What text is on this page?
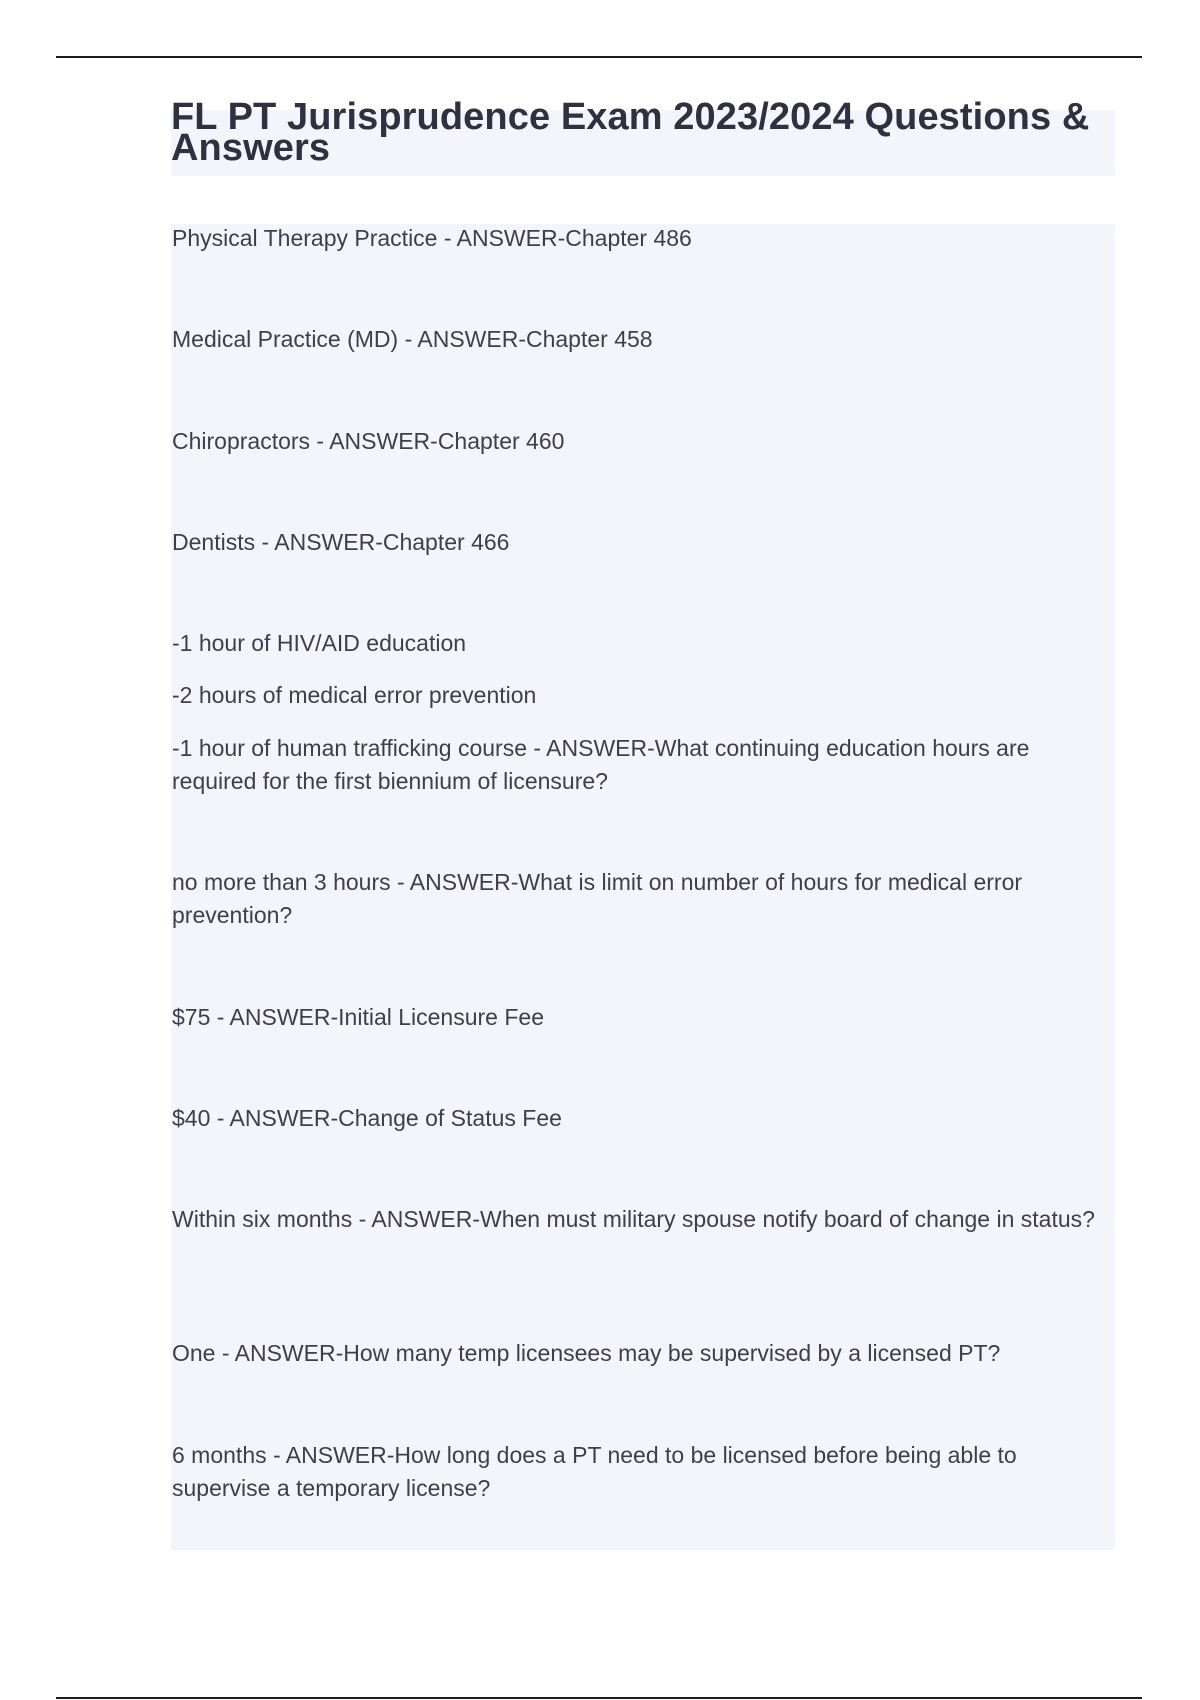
FL PT Jurisprudence Exam 2023/2024 Questions & Answers

Physical Therapy Practice - ANSWER-Chapter 486

Medical Practice (MD) - ANSWER-Chapter 458

Chiropractors - ANSWER-Chapter 460

Dentists - ANSWER-Chapter 466

-1 hour of HIV/AID education

-2 hours of medical error prevention

-1 hour of human trafficking course - ANSWER-What continuing education hours are required for the first biennium of licensure?

no more than 3 hours - ANSWER-What is limit on number of hours for medical error prevention?

$75 - ANSWER-Initial Licensure Fee

$40 - ANSWER-Change of Status Fee

Within six months - ANSWER-When must military spouse notify board of change in status?

One - ANSWER-How many temp licensees may be supervised by a licensed PT?

6 months - ANSWER-How long does a PT need to be licensed before being able to supervise a temporary license?
